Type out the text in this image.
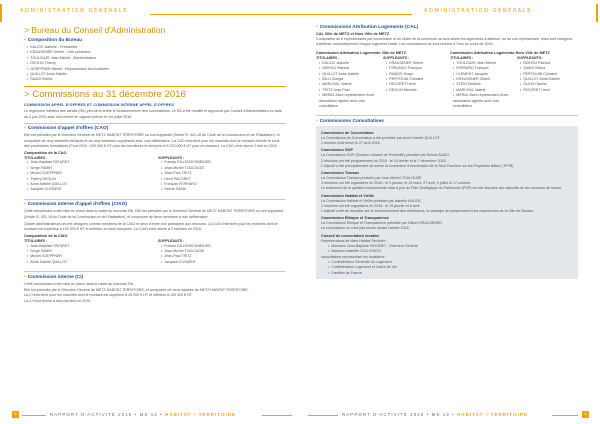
ADMINISTRATION GÉNÉRALE
> Bureau du Conseil d'Administration
• Composition du Bureau
• KALIOC Isabelle - Présidente
• KRAUSENER Gilbert - Vice-président
• TOULOUZE Jean-Michel - Administrateur
• DEOLIN Thierry
• GOEPPNER Michel - Représentant les locataires
• QUILLOT Anne-Katelle
• SAADI Selma
> Commissions au 31 décembre 2016
COMMISSION APPEL D'OFFRES ET COMMISSION INTERNE APPEL D'OFFRES
Le règlement intérieur des achats (RA) prévoit et arrête le fonctionnement des commissions. Le RA a été modifié et approuvé par Conseil d'Administration en date du 3 juin 2016 avec une entrée en vigueur prévue le 1er juillet 2016.
• Commission d'appel d'offres (CAO)
Elle est présidée par le Directeur Général de METZ HABITAT TERRITOIRE ou son suppléant (Article R. 421-16 du Code de la Construction et de l'Habitation), et composée de cinq membres titulaires et de cinq membres suppléants avec voix délibérative. La CAO intervient pour les marchés dont le montant excède le seuil des procédures formalisées (Pour 2016 : 209 000 € HT pour les fournitures et services et 5 225 000 € HT pour les travaux). La CAO s'est réunie 2 fois en 2016.
Composition de la CAO
TITULAIRES :
• Jean-Baptiste PATURET
• Serge FAMIN
• Michel GOEPPNER
• Thierry DEOLIN
• Anne-Katelle QUILLOT
• Jacques CLEMENT
SUPPLÉANTS :
• Francis DILLENSCHNEIDER
• Jean-Michel TOULOUZE
• Jean-Paul TRITZ
• Henri PACORET
• François FERRARO
• Selma SAADI
• Commission interne d'appel d'offres (CIAO)
Cette commission a été mise en place dans le cadre du nouveau RA. Elle est présidée par le Directeur Général de METZ HABITAT TERRITOIRE ou son suppléant (Article R. 421-16 du Code de la Construction et de l'Habitation), et composée de deux membres à voix délibérative.
Quatre administrateurs ont été désignés comme membres de la CIAO et deux d'entre eux participent aux réunions. La CIAO intervient pour les marchés dont le montant est supérieur à 100 000 € HT et inférieur au seuil européen. La CIAO s'est réunie à 3 reprises en 2016.
Composition de la CIAO
TITULAIRES :
• Jean-Baptiste PATURET
• Serge FAMIN
• Michel GOEPPNER
• Anne-Katelle QUILLOT
SUPPLÉANTS :
• Francis DILLENSCHNEIDER
• Jean-Michel TOULOUZE
• Jean-Paul TRITZ
• Jacques CLEMENT
• Commission interne (CI)
Cette commission a été mise en place dans le cadre du nouveau RA.
Elle est présidée par le Directeur Général de METZ HABITAT TERRITOIRE, et composée de deux salariés de METZ HABITAT TERRITOIRE.
La CI intervient pour les marchés dont le montant est supérieur à 25 000 € HT et inférieur à 100 000 € HT.
La CI s'est réunie à cinq reprises en 2016.
8	RAPPORT D'ACTIVITÉ 2016 • MS 13 • HABITAT • TERRITOIRE
ADMINISTRATION GÉNÉRALE
• Commissions Attribution Logements (CAL)
CAL Ville de METZ et Hors Ville de METZ
Composées de 6 représentants par commission et du Maire de la commune où sont situés les logements à attribuer, ou de son représentant, elles sont chargées d'attribuer nominativement chaque logement locatif. Les commissions se sont réunies 47 fois au cours de 2016.
Commission Attribution Logements Ville de METZ
TITULAIRES :
• KALIOC Isabelle
• NZIHOU Patricia
• QUILLOT Anne-Katelle
• BILLI Giorgia
• MARCHAL Valérie
• TRITZ Jean-Paul
• MERAL Marc représentant d'une association agréée avec voix consultative
SUPPLÉANTS :
• KRAUSENER Gilbert
• FEBVAICH François
• RAMOS Serge
• PEPPOLINI Christine
• PACORET Henri
• DEOLIN Michelle
Commission Attribution Logements Hors Ville de METZ
TITULAIRES :
• TOULOUZE Jean-Michel
• FERRARO François
• CLEMENT Jacques
• KRAUSENER Gilbert
• STEIN Danielle
• MARCHAL Valérie
• MERAL Marc représentant d'une association agréée avec voix consultative
SUPPLÉANTS :
• NZIHOU Patricia
• SAADI Selma
• PEPPOLINI Christine
• QUILLOT Anne-Katelle
• GULKU Nazire
• PACORET Henri
• Commissions Consultatives
Commission de Concertation
La Commission de Concertation a été présidée par Anne-Katelle QUILLOT.
1 réunion s'est tenue le 27 avril 2016.
Commission GUP
La Commission GUP (Gestion Urbaine de Proximité) présidée par Selma SAADI.
2 réunions ont été programmées en 2016 : le 16 février et le 7 décembre 2016.
L'objectif a été principalement de suivre la convention d'exonération de la Taxe Foncière sur les Propriétés Bâties (TFPB).
Commission Travaux
La Commission Travaux présidée par Jean-Michel TOULOUZE.
3 réunions ont été organisées en 2016 : le 9 janvier, le 15 mars, 27 avril, 9 juillet et 17 octobre.
Le traitement de la question fonctionnelle mise à jour du Plan Stratégique du Patrimoine (PSP) ont été discutés des objectifs de ces réunions de travail.
Commission Habitat et Vieille
La Commission Habitat et Vieille présidée par Isabelle KALIOC.
2 réunions ont été organisées en 2016 : le 19 janvier et 8 avril.
L'objectif a été de travailler sur le fonctionnement des attributions, la stratégie de peuplement et les expériences de la Ville de Bouzes.
Commission Éthique et Transparence
La Commission Éthique et Transparence présidée par Gilbert KRAUSENER.
La commission ne s'est pas réunie durant l'année 2016.
Conseil de concertation locative
Représentants de Metz Habitat Territoire :
• Monsieur Jean-Baptiste PATURET - Directeur Général
• Madame Isabelle COLLIGNON
Associations représentant les locataires :
• Confédération Générale du Logement
• Confédération Logement et Cadre de Vie
• Familles de France
RAPPORT D'ACTIVITÉ 2016 • MS 13 • HABITAT • TERRITOIRE	9
